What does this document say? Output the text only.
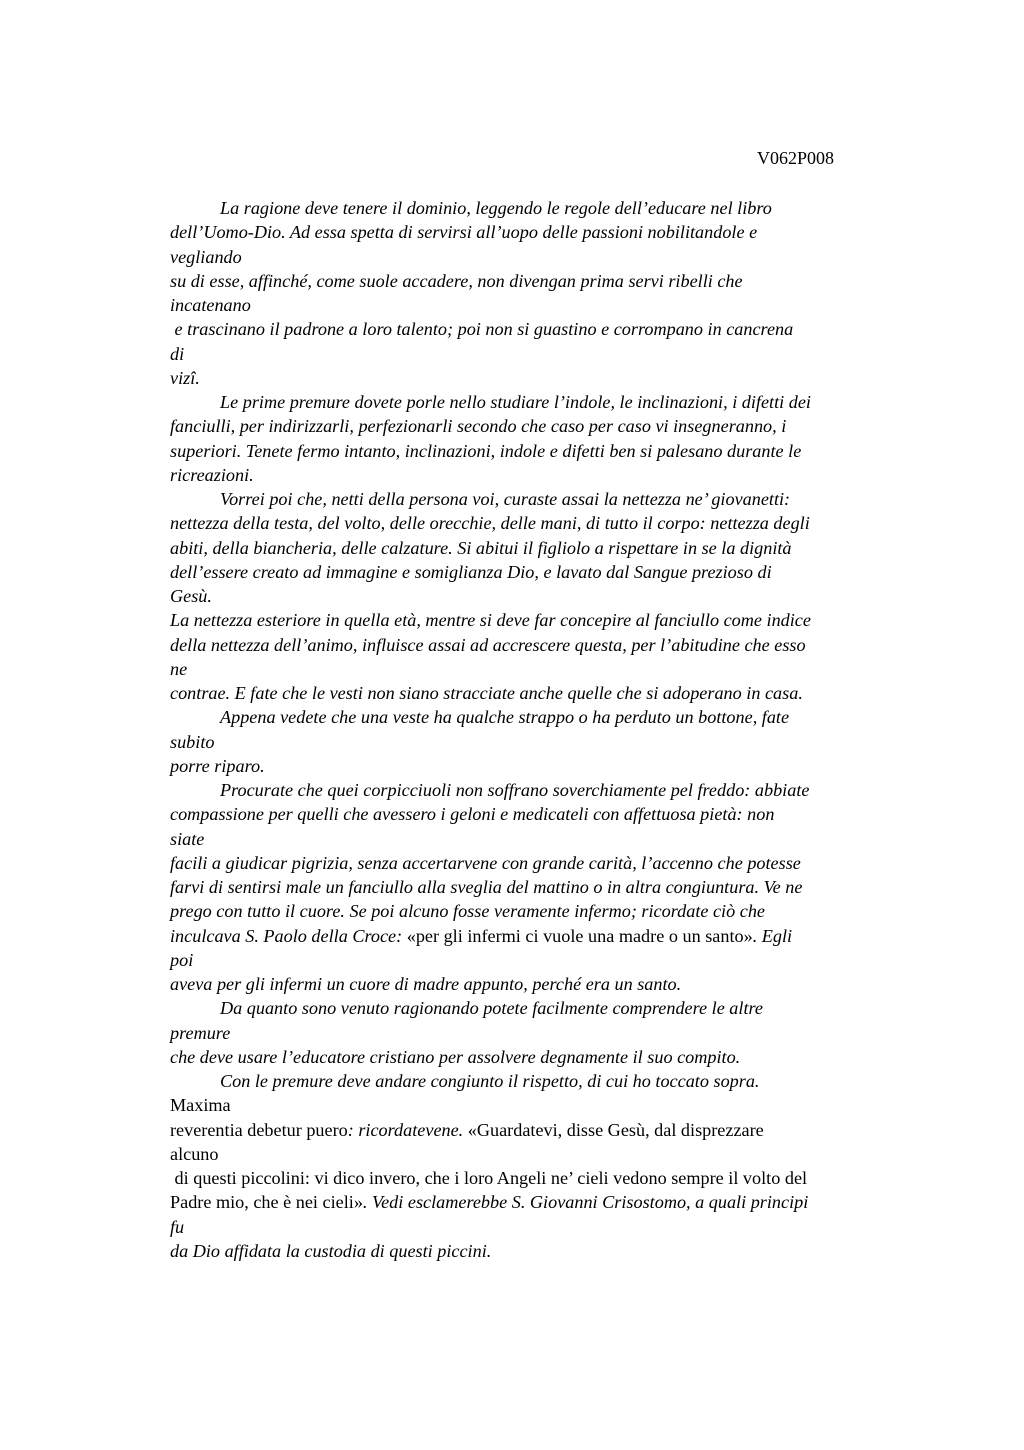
V062P008
La ragione deve tenere il dominio, leggendo le regole dell’educare nel libro
dell’Uomo-Dio. Ad essa spetta di servirsi all’uopo delle passioni nobilitandole e
vegliando
su di esse, affinché, come suole accadere, non divengan prima servi ribelli che
incatenano
e trascinano il padrone a loro talento; poi non si guastino e corrompano in cancrena
di
vizî.
Le prime premure dovete porle nello studiare l’indole, le inclinazioni, i difetti dei
fanciulli, per indirizzarli, perfezionarli secondo che caso per caso vi insegneranno, i
superiori. Tenete fermo intanto, inclinazioni, indole e difetti ben si palesano durante le
ricreazioni.
Vorrei poi che, netti della persona voi, curaste assai la nettezza ne’ giovanetti:
nettezza della testa, del volto, delle orecchie, delle mani, di tutto il corpo: nettezza degli
abiti, della biancheria, delle calzature. Si abitui il figliolo a rispettare in se la dignità
dell’essere creato ad immagine e somiglianza Dio, e lavato dal Sangue prezioso di
Gesù.
La nettezza esteriore in quella età, mentre si deve far concepire al fanciullo come indice
della nettezza dell’animo, influisce assai ad accrescere questa, per l’abitudine che esso
ne
contrae. E fate che le vesti non siano stracciate anche quelle che si adoperano in casa.
Appena vedete che una veste ha qualche strappo o ha perduto un bottone, fate
subito
porre riparo.
Procurate che quei corpicciuoli non soffrano soverchiamente pel freddo: abbiate
compassione per quelli che avessero i geloni e medicateli con affettuosa pietà: non
siate
facili a giudicar pigrizia, senza accertarvene con grande carità, l’accenno che potesse
farvi di sentirsi male un fanciullo alla sveglia del mattino o in altra congiuntura. Ve ne
prego con tutto il cuore. Se poi alcuno fosse veramente infermo; ricordate ciò che
inculcava S. Paolo della Croce: «per gli infermi ci vuole una madre o un santo». Egli
poi
aveva per gli infermi un cuore di madre appunto, perché era un santo.
Da quanto sono venuto ragionando potete facilmente comprendere le altre
premure
che deve usare l’educatore cristiano per assolvere degnamente il suo compito.
Con le premure deve andare congiunto il rispetto, di cui ho toccato sopra.
Maxima
reverentia debetur puero: ricordatevene. «Guardatevi, disse Gesù, dal disprezzare
alcuno
di questi piccolini: vi dico invero, che i loro Angeli ne’ cieli vedono sempre il volto del
Padre mio, che è nei cieli». Vedi esclamerebbe S. Giovanni Crisostomo, a quali principi
fu
da Dio affidata la custodia di questi piccini.
